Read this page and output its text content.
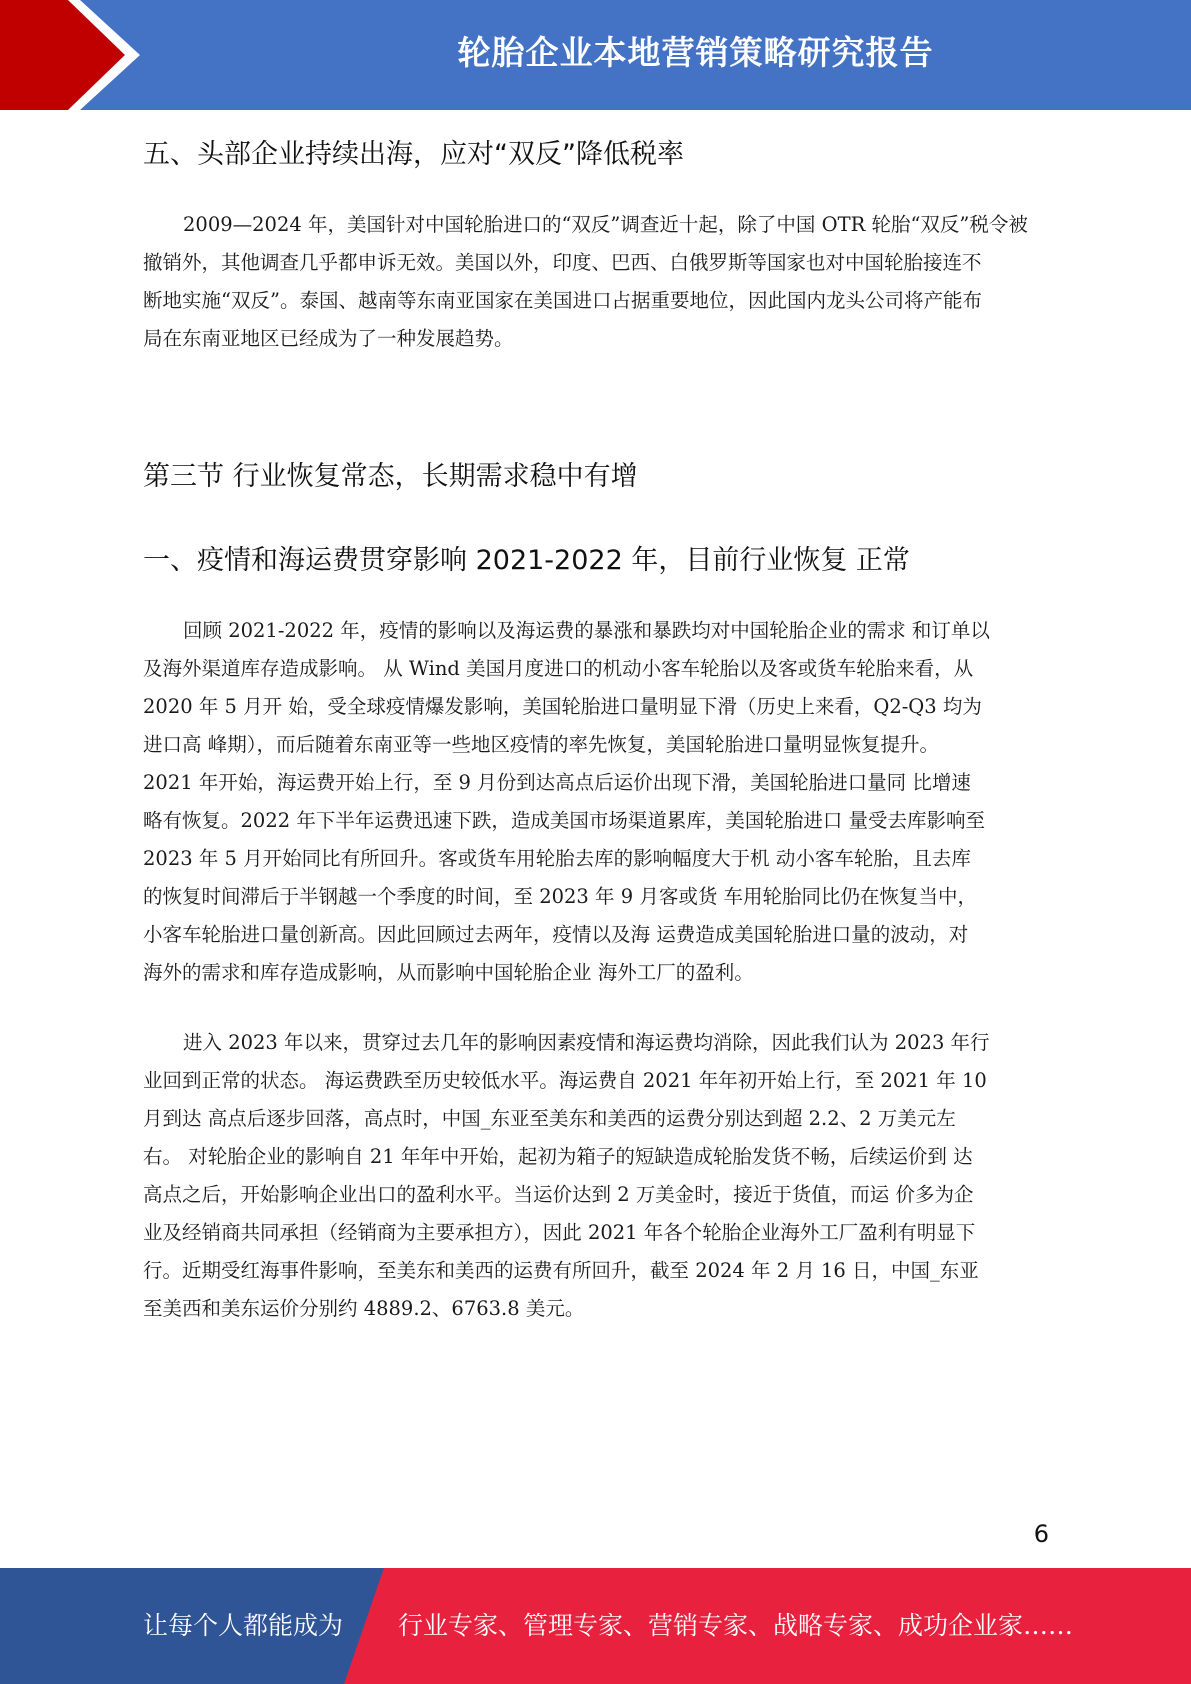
轮胎企业本地营销策略研究报告
五、头部企业持续出海，应对“双反”降低税率
2009—2024 年，美国针对中国轮胎进口的“双反”调查近十起，除了中国 OTR 轮胎“双反”税令被
撤销外，其他调查几乎都申诉无效。美国以外，印度、巴西、白俄罗斯等国家也对中国轮胎接连不
断地实施“双反”。泰国、越南等东南亚国家在美国进口占据重要地位，因此国内龙头公司将产能布
局在东南亚地区已经成为了一种发展趋势。
第三节 行业恢复常态，长期需求稳中有增
一、疫情和海运费贯穿影响 2021-2022 年，目前行业恢复 正常
回顾 2021-2022 年，疫情的影响以及海运费的暴涨和暴跌均对中国轮胎企业的需求 和订单以
及海外渠道库存造成影响。 从 Wind 美国月度进口的机动小客车轮胎以及客或货车轮胎来看，从
2020 年 5 月开 始，受全球疫情爆发影响，美国轮胎进口量明显下滑（历史上来看，Q2-Q3 均为
进口高 峰期），而后随着东南亚等一些地区疫情的率先恢复，美国轮胎进口量明显恢复提升。
2021 年开始，海运费开始上行，至 9 月份到达高点后运价出现下滑，美国轮胎进口量同 比增速
略有恢复。2022 年下半年运费迅速下跌，造成美国市场渠道累库，美国轮胎进口 量受去库影响至
2023 年 5 月开始同比有所回升。客或货车用轮胎去库的影响幅度大于机 动小客车轮胎，且去库
的恢复时间滞后于半钢越一个季度的时间，至 2023 年 9 月客或货 车用轮胎同比仍在恢复当中，
小客车轮胎进口量创新高。因此回顾过去两年，疫情以及海 运费造成美国轮胎进口量的波动，对
海外的需求和库存造成影响，从而影响中国轮胎企业 海外工厂的盈利。
进入 2023 年以来，贯穿过去几年的影响因素疫情和海运费均消除，因此我们认为 2023 年行
业回到正常的状态。 海运费跌至历史较低水平。海运费自 2021 年年初开始上行，至 2021 年 10
月到达 高点后逐步回落，高点时，中国_东亚至美东和美西的运费分别达到超 2.2、2 万美元左
右。 对轮胎企业的影响自 21 年年中开始，起初为箱子的短缺造成轮胎发货不畅，后续运价到 达
高点之后，开始影响企业出口的盈利水平。当运价达到 2 万美金时，接近于货值，而运 价多为企
业及经销商共同承担（经销商为主要承担方），因此 2021 年各个轮胎企业海外工厂盈利有明显下
行。近期受红海事件影响，至美东和美西的运费有所回升，截至 2024 年 2 月 16 日，中国_东亚
至美西和美东运价分别约 4889.2、6763.8 美元。
6
让每个人都能成为 行业专家、管理专家、营销专家、战略专家、成功企业家……
